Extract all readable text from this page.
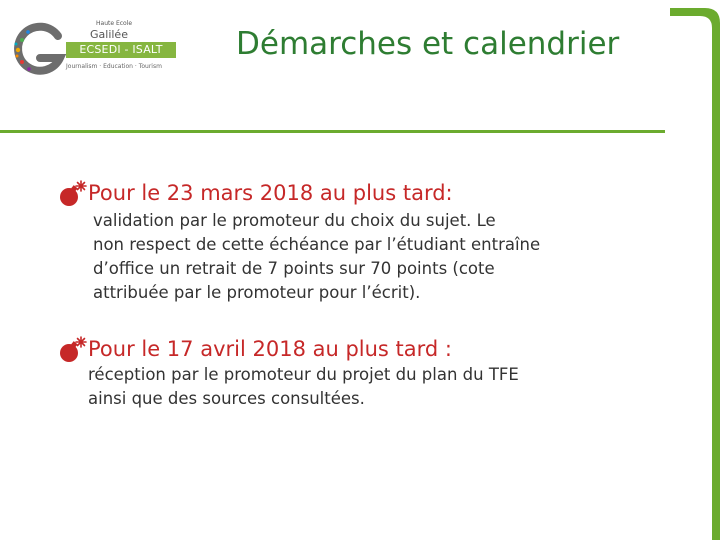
Haute Ecole
Galilée
ECSEDI - ISALT
Journalism · Education · Tourism
Démarches et calendrier
Pour le 23 mars 2018 au plus tard:
validation par le promoteur du choix du sujet. Le
non respect de cette échéance par l’étudiant entraîne
d’office un retrait de 7 points sur 70 points (cote
attribuée par le promoteur pour l’écrit).
Pour le 17 avril 2018 au plus tard :
réception par le promoteur du projet du plan du TFE
ainsi que des sources consultées.
